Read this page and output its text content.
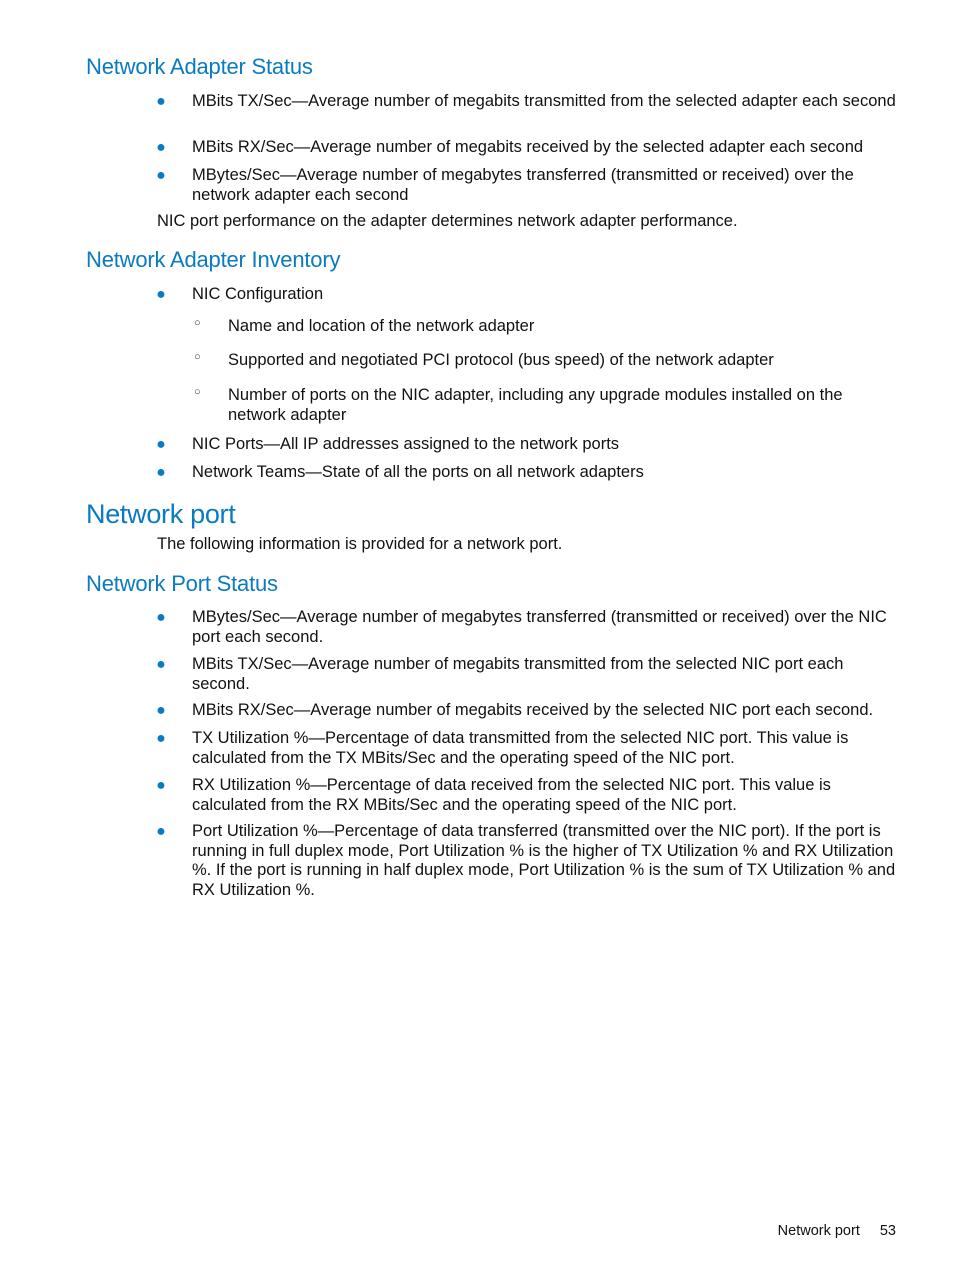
Network Adapter Status
● MBits TX/Sec—Average number of megabits transmitted from the selected adapter each second
● MBits RX/Sec—Average number of megabits received by the selected adapter each second
● MBytes/Sec—Average number of megabytes transferred (transmitted or received) over the network adapter each second

NIC port performance on the adapter determines network adapter performance.

Network Adapter Inventory
● NIC Configuration
○ Name and location of the network adapter
○ Supported and negotiated PCI protocol (bus speed) of the network adapter
○ Number of ports on the NIC adapter, including any upgrade modules installed on the network adapter
● NIC Ports—All IP addresses assigned to the network ports
● Network Teams—State of all the ports on all network adapters
Network port

The following information is provided for a network port.

Network Port Status
● MBytes/Sec—Average number of megabytes transferred (transmitted or received) over the NIC port each second.
● MBits TX/Sec—Average number of megabits transmitted from the selected NIC port each second.
● MBits RX/Sec—Average number of megabits received by the selected NIC port each second.
● TX Utilization %—Percentage of data transmitted from the selected NIC port. This value is calculated from the TX MBits/Sec and the operating speed of the NIC port.
● RX Utilization %—Percentage of data received from the selected NIC port. This value is calculated from the RX MBits/Sec and the operating speed of the NIC port.
● Port Utilization %—Percentage of data transferred (transmitted over the NIC port). If the port is running in full duplex mode, Port Utilization % is the higher of TX Utilization % and RX Utilization %. If the port is running in half duplex mode, Port Utilization % is the sum of TX Utilization % and RX Utilization %.
Network port 53
